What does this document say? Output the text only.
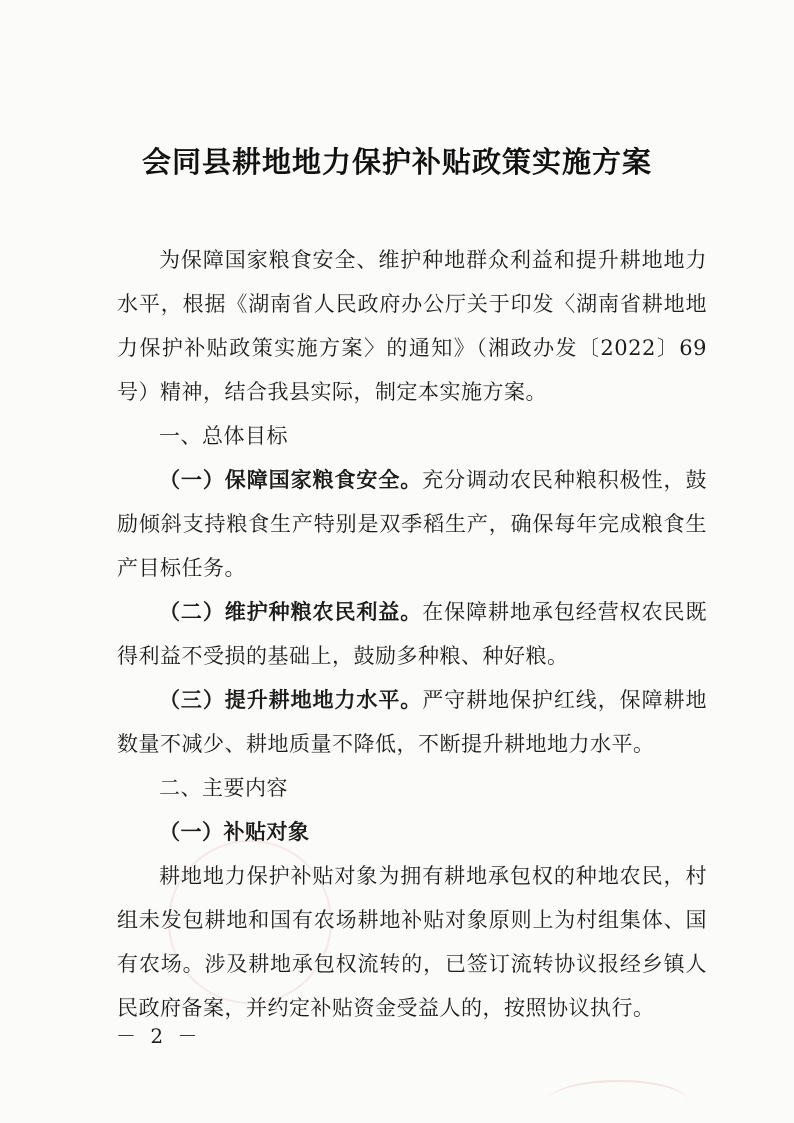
会同县耕地地力保护补贴政策实施方案

为保障国家粮食安全、维护种地群众利益和提升耕地地力水平，根据《湖南省人民政府办公厅关于印发〈湖南省耕地地力保护补贴政策实施方案〉的通知》（湘政办发〔2022〕69号）精神，结合我县实际，制定本实施方案。

一、总体目标

（一）保障国家粮食安全。充分调动农民种粮积极性，鼓励倾斜支持粮食生产特别是双季稻生产，确保每年完成粮食生产目标任务。

（二）维护种粮农民利益。在保障耕地承包经营权农民既得利益不受损的基础上，鼓励多种粮、种好粮。

（三）提升耕地地力水平。严守耕地保护红线，保障耕地数量不减少、耕地质量不降低，不断提升耕地地力水平。

二、主要内容

（一）补贴对象

耕地地力保护补贴对象为拥有耕地承包权的种地农民，村组未发包耕地和国有农场耕地补贴对象原则上为村组集体、国有农场。涉及耕地承包权流转的，已签订流转协议报经乡镇人民政府备案，并约定补贴资金受益人的，按照协议执行。

－ 2 －
